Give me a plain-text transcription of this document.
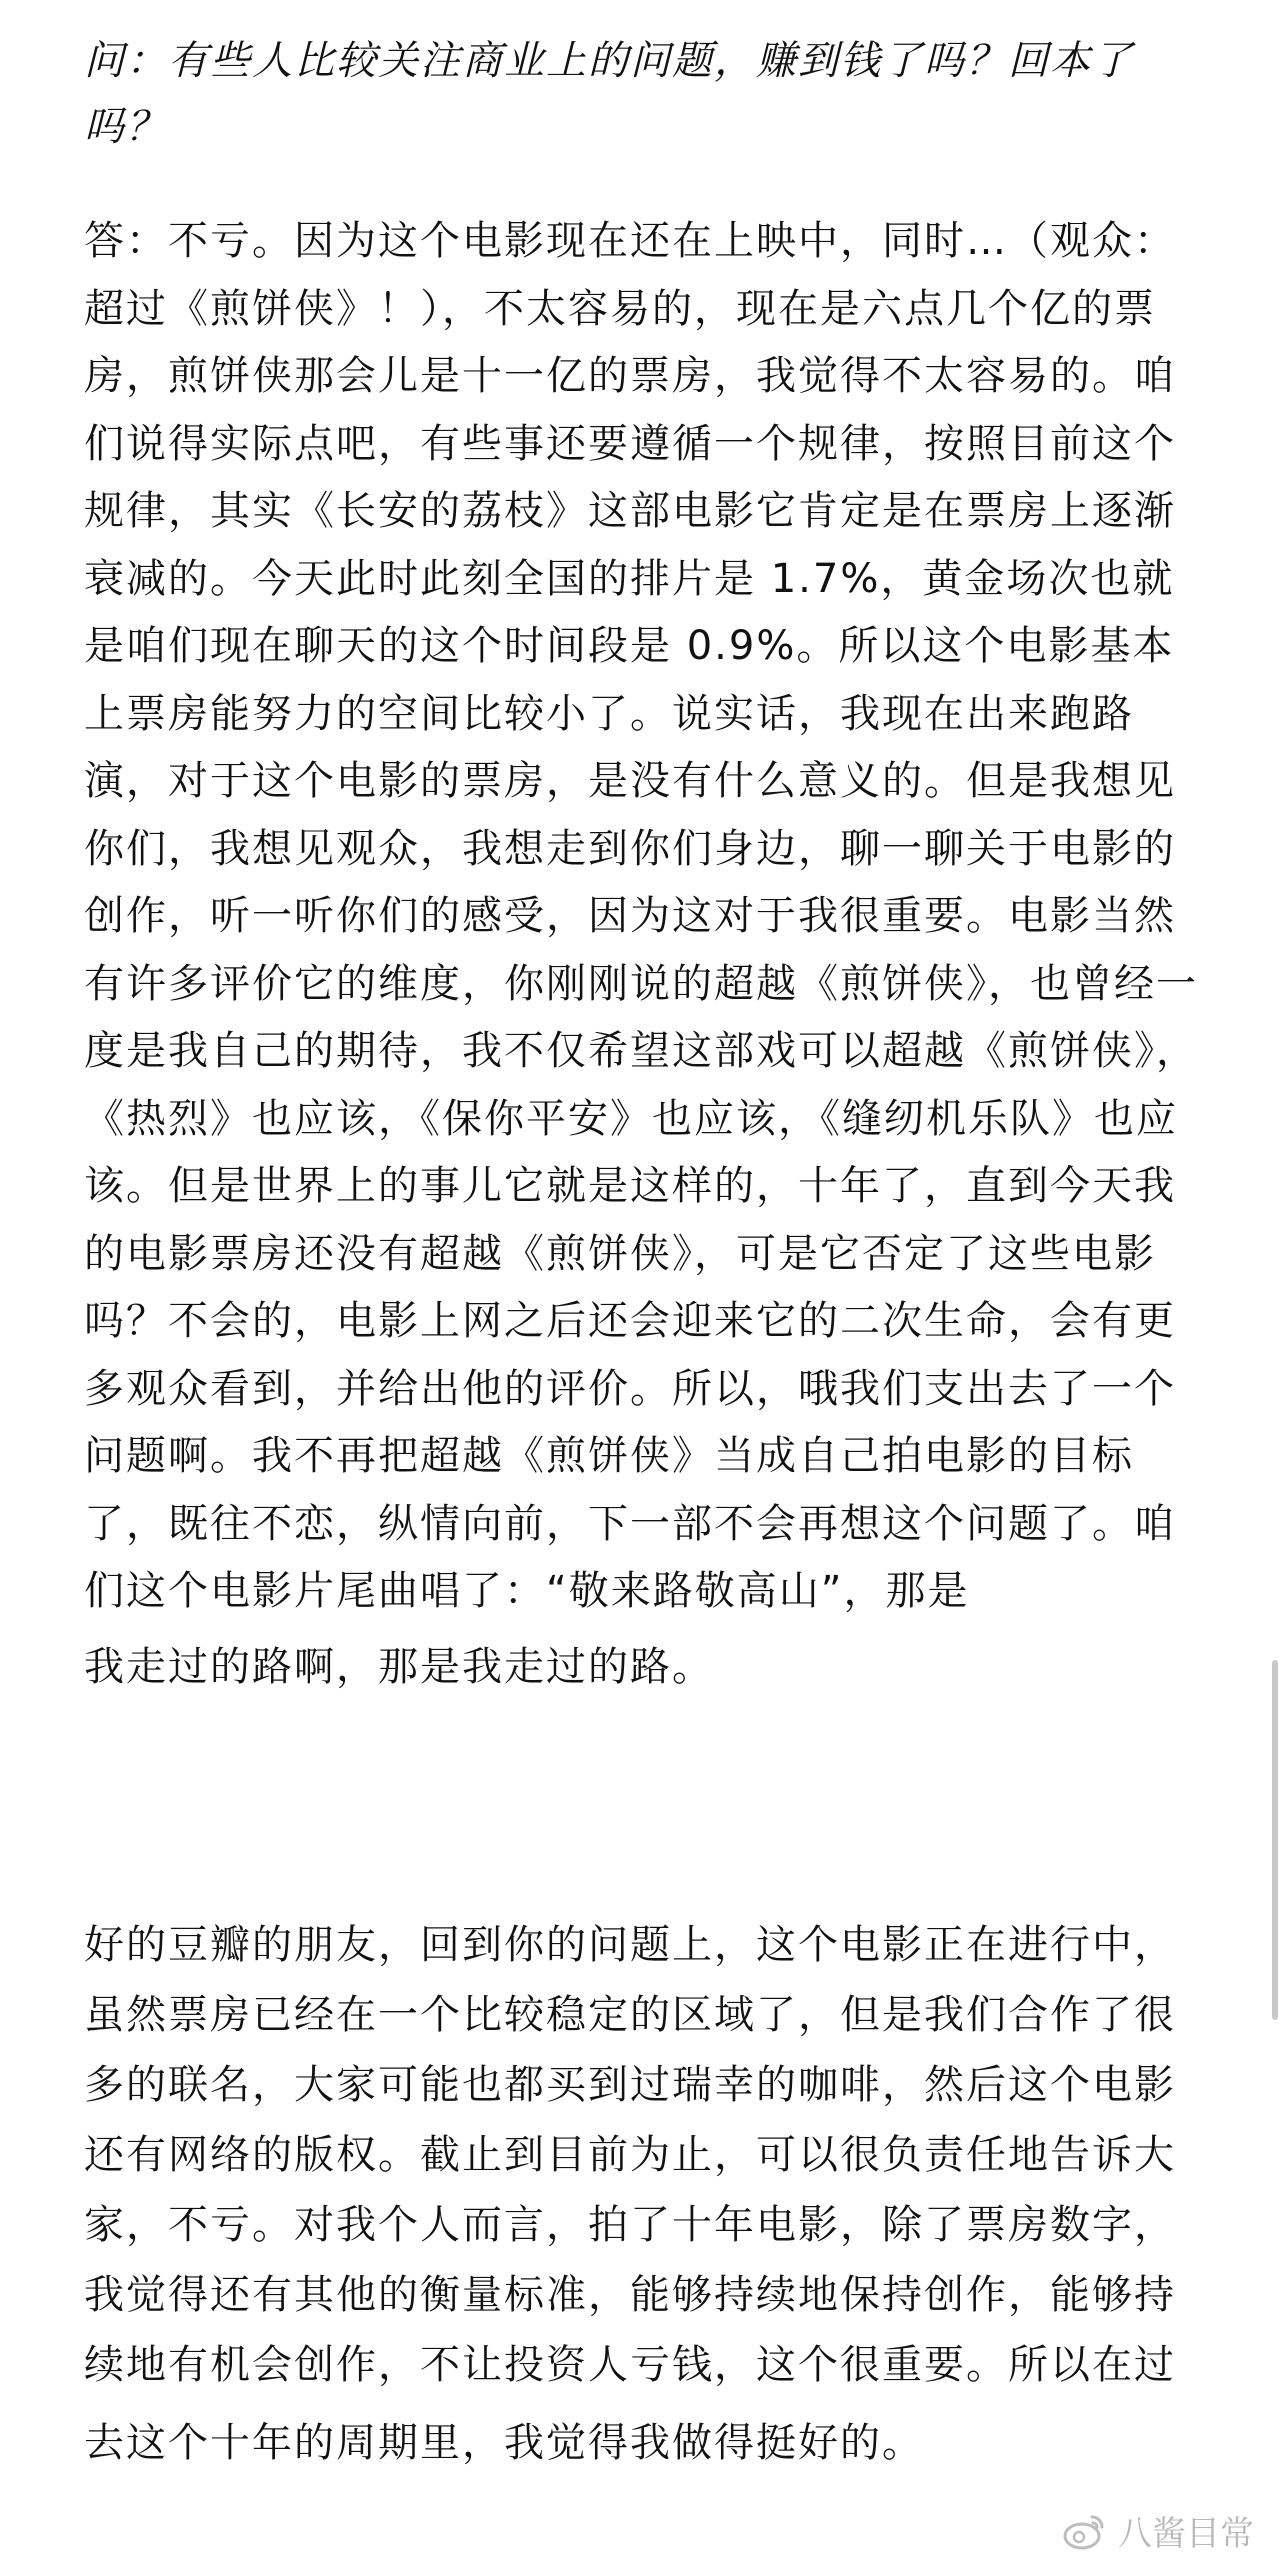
问：有些人比较关注商业上的问题，赚到钱了吗？回本了吗？

答：不亏。因为这个电影现在还在上映中，同时…（观众：超过《煎饼侠》！），不太容易的，现在是六点几个亿的票房，煎饼侠那会儿是十一亿的票房，我觉得不太容易的。咱们说得实际点吧，有些事还要遵循一个规律，按照目前这个规律，其实《长安的荔枝》这部电影它肯定是在票房上逐渐衰减的。今天此时此刻全国的排片是 1.7%，黄金场次也就是咱们现在聊天的这个时间段是 0.9%。所以这个电影基本上票房能努力的空间比较小了。说实话，我现在出来跑路演，对于这个电影的票房，是没有什么意义的。但是我想见你们，我想见观众，我想走到你们身边，聊一聊关于电影的创作，听一听你们的感受，因为这对于我很重要。电影当然有许多评价它的维度，你刚刚说的超越《煎饼侠》，也曾经一度是我自己的期待，我不仅希望这部戏可以超越《煎饼侠》，《热烈》也应该，《保你平安》也应该，《缝纫机乐队》也应该。但是世界上的事儿它就是这样的，十年了，直到今天我的电影票房还没有超越《煎饼侠》，可是它否定了这些电影吗？不会的，电影上网之后还会迎来它的二次生命，会有更多观众看到，并给出他的评价。所以，哦我们支出去了一个问题啊。我不再把超越《煎饼侠》当成自己拍电影的目标了，既往不恋，纵情向前，下一部不会再想这个问题了。咱们这个电影片尾曲唱了：“敬来路敬高山”，那是
我走过的路啊，那是我走过的路。

好的豆瓣的朋友，回到你的问题上，这个电影正在进行中，虽然票房已经在一个比较稳定的区域了，但是我们合作了很多的联名，大家可能也都买到过瑞幸的咖啡，然后这个电影还有网络的版权。截止到目前为止，可以很负责任地告诉大家，不亏。对我个人而言，拍了十年电影，除了票房数字，我觉得还有其他的衡量标准，能够持续地保持创作，能够持续地有机会创作，不让投资人亏钱，这个很重要。所以在过
去这个十年的周期里，我觉得我做得挺好的。

八酱目常
